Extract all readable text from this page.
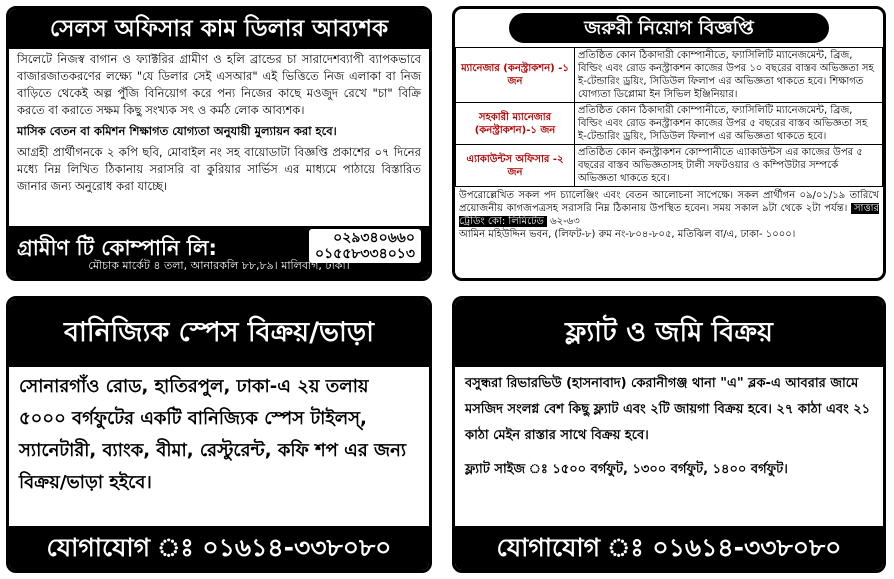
সেলস অফিসার কাম ডিলার আব্যশক
সিলেটে নিজস্ব বাগান ও ফ্যাক্টরির গ্রামীণ ও হলি ব্রান্ডের চা সারাদেশব্যাপী ব্যাপকভাবে বাজারজাতকরণের লক্ষ্যে "যে ডিলার সেই এসআর" এই ভিত্তিতে নিজ এলাকা বা নিজ বাড়িতে থেকেই অল্প পুঁজি বিনিয়োগ করে পন্য নিজের কাছে মওজুদ রেখে "চা" বিক্রি করতে বা করাতে সক্ষম কিছু সংখ্যক সৎ ও কর্মঠ লোক আব্যশক।
মাসিক বেতন বা কমিশন শিক্ষাগত যোগ্যতা অনুযায়ী মুল্যায়ন করা হবে।
আগ্রহী প্রার্থীগনকে ২ কপি ছবি, মোবাইল নং সহ বায়োডাটা বিজ্ঞপ্তি প্রকাশের ০৭ দিনের মধ্যে নিম্ন লিখিত ঠিকানায় সরাসরি বা কুরিয়ার সার্ভিস এর মাধ্যমে পাঠায়ে বিস্তারিত জানার জন্য অনুরোধ করা যাচ্ছে।
গ্রামীণ টি কোম্পানি লি:	০২৯৩৪০৬৬০
০১৫৫৮৩৩৪০১৩
মৌচাক মার্কেট ৪ তলা, আনারকলি ৮৮,৮৯। মালিবাগ, ঢাকা।
জরুরী নিয়োগ বিজ্ঞপ্তি
ম্যানেজার (কনস্ট্রাকশন) -১ জন	প্রতিষ্ঠিত কোন ঠিকাদারী কোম্পানীতে, ফ্যাসিলিটি ম্যানেজমেন্ট, ব্রিজ, বিল্ডিং এবং রোড কনস্ট্রাকশন কাজের উপর ১০ বছরের বাস্তব অভিজ্ঞতা সহ ই-টেন্ডারিং ড্রয়িং, সিডিউল ফিলাপ এর অভিজ্ঞতা থাকতে হবে। শিক্ষাগত যোগ্যতা ডিপ্লোমা ইন সিভিল ইঞ্জিনিয়ার।
সহকারী ম্যানেজার (কনস্ট্রাকশন)-১ জন	প্রতিষ্ঠিত কোন ঠিকাদারী কোম্পানীতে, ফ্যাসিলিটি ম্যানেজমেন্ট, ব্রিজ, বিল্ডিং এবং রোড কনস্ট্রাকশন কাজের উপর ৫ বছরের বাস্তব অভিজ্ঞতা সহ ই-টেন্ডারিং ড্রয়িং, সিডিউল ফিলাপ এর অভিজ্ঞতা থাকতে হবে।
এ্যাকাউন্টস অফিসার -২ জন	প্রতিষ্ঠিত কোন কনস্ট্রাকশন কোম্পানীতে এ্যাকাউন্টস এর কাজের উপর ৫ বছরের বাস্তব অভিজ্ঞতাসহ টালী সফটওয়ার ও কম্পিউটার সম্পর্কে অভিজ্ঞতা থাকতে হবে।
উপরোল্লেখিত সকল পদ চ্যালেঞ্জিং এবং বেতন আলোচনা সাপেক্ষে। সকল প্রার্থীগন ০৯/০১/১৯ তারিখে প্রয়োজনীয় কাগজপত্রসহ সরাসরি নিম্ন ঠিকানায় উপস্থিত হবেন। সময় সকাল ৯টা থেকে ২টা পর্যন্ত। সাত্তার ট্রেডিং কো: লিমিটেড ৬২-৬৩
আমিন মহিউদ্দিন ভবন, (লিফট-৮) রুম নং-৮০৪-৮০৫, মতিঝিল বা/এ, ঢাকা- ১০০০।
বানিজ্যিক স্পেস বিক্রয়/ভাড়া
সোনারগাঁও রোড, হাতিরপুল, ঢাকা-এ ২য় তলায় ৫০০০ বর্গফুটের একটি বানিজ্যিক স্পেস টাইলস্, স্যানেটারী, ব্যাংক, বীমা, রেস্টুরেন্ট, কফি শপ এর জন্য বিক্রয়/ভাড়া হইবে।
যোগাযোগ ঃ ০১৬১৪-৩৩৮০৮০
ফ্ল্যাট ও জমি বিক্রয়
বসুন্ধরা রিভারভিউ (হাসনাবাদ) কেরানীগঞ্জ থানা "এ" ব্লক-এ আবরার জামে মসজিদ সংলগ্ন বেশ কিছু ফ্ল্যাট এবং ২টি জায়গা বিক্রয় হবে। ২৭ কাঠা এবং ২১ কাঠা মেইন রাস্তার সাথে বিক্রয় হবে।
ফ্ল্যাট সাইজ ঃ ১৫০০ বর্গফুট, ১৩০০ বর্গফুট, ১৪০০ বর্গফুট।
যোগাযোগ ঃ ০১৬১৪-৩৩৮০৮০
